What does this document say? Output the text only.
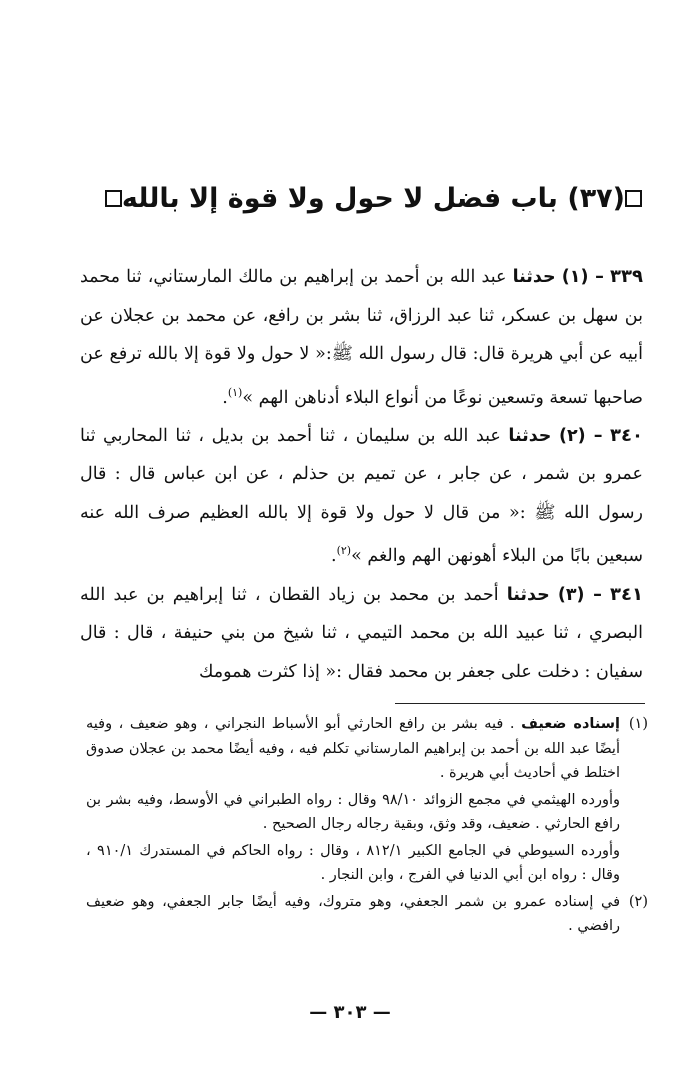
(٣٧) باب فضل لا حول ولا قوة إلا بالله
٣٣٩ – (١) حدثنا عبد الله بن أحمد بن إبراهيم بن مالك المارستاني، ثنا محمد بن سهل بن عسكر، ثنا عبد الرزاق، ثنا بشر بن رافع، عن محمد بن عجلان عن أبيه عن أبي هريرة قال: قال رسول الله ﷺ:« لا حول ولا قوة إلا بالله ترفع عن صاحبها تسعة وتسعين نوعًا من أنواع البلاء أدناهن الهم »$^{(١)}$.
٣٤٠ – (٢) حدثنا عبد الله بن سليمان ، ثنا أحمد بن بديل ، ثنا المحاربي ثنا عمرو بن شمر ، عن جابر ، عن تميم بن حذلم ، عن ابن عباس قال : قال رسول الله ﷺ :« من قال لا حول ولا قوة إلا بالله العظيم صرف الله عنه سبعين بابًا من البلاء أهونهن الهم والغم »$^{(٢)}$.
٣٤١ – (٣) حدثنا أحمد بن محمد بن زياد القطان ، ثنا إبراهيم بن عبد الله البصري ، ثنا عبيد الله بن محمد التيمي ، ثنا شيخ من بني حنيفة ، قال : قال سفيان : دخلت على جعفر بن محمد فقال :« إذا كثرت همومك
(١)
إسناده ضعيف . فيه بشر بن رافع الحارثي أبو الأسباط النجراني ، وهو ضعيف ، وفيه أيضًا عبد الله بن أحمد بن إبراهيم المارستاني تكلم فيه ، وفيه أيضًا محمد بن عجلان صدوق اختلط في أحاديث أبي هريرة .
وأورده الهيثمي في مجمع الزوائد ٩٨/١٠ وقال : رواه الطبراني في الأوسط، وفيه بشر بن رافع الحارثي . ضعيف، وقد وثق، وبقية رجاله رجال الصحيح .
وأورده السيوطي في الجامع الكبير ٨١٢/١ ، وقال : رواه الحاكم في المستدرك ٩١٠/١ ، وقال : رواه ابن أبي الدنيا في الفرج ، وابن النجار .
(٢)
في إسناده عمرو بن شمر الجعفي، وهو متروك، وفيه أيضًا جابر الجعفي، وهو ضعيف رافضي .
— ٣٠٣ —
